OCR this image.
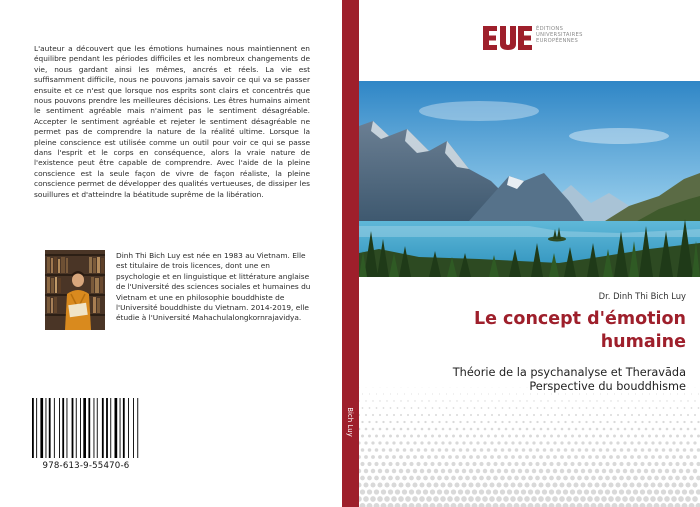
L'auteur a découvert que les émotions humaines nous maintiennent en équilibre pendant les périodes difficiles et les nombreux changements de vie, nous gardant ainsi les mêmes, ancrés et réels. La vie est suffisamment difficile, nous ne pouvons jamais savoir ce qui va se passer ensuite et ce n'est que lorsque nos esprits sont clairs et concentrés que nous pouvons prendre les meilleures décisions. Les êtres humains aiment le sentiment agréable mais n'aiment pas le sentiment désagréable. Accepter le sentiment agréable et rejeter le sentiment désagréable ne permet pas de comprendre la nature de la réalité ultime. Lorsque la pleine conscience est utilisée comme un outil pour voir ce qui se passe dans l'esprit et le corps en conséquence, alors la vraie nature de l'existence peut être capable de comprendre. Avec l'aide de la pleine conscience est la seule façon de vivre de façon réaliste, la pleine conscience permet de développer des qualités vertueuses, de dissiper les souillures et d'atteindre la béatitude suprême de la libération.

Dinh Thi Bich Luy est née en 1983 au Vietnam. Elle est titulaire de trois licences, dont une en psychologie et en linguistique et littérature anglaise de l'Université des sciences sociales et humaines du Vietnam et une en philosophie bouddhiste de l'Université bouddhiste du Vietnam. 2014-2019, elle étudie à l'Université Mahachulalongkornrajavidya.

978-613-9-55470-6
Bich Luy
ÉDITIONS
UNIVERSITAIRES
EUROPÉENNES
Dr. Dinh Thi Bich Luy
Le concept d'émotion
humaine
Théorie de la psychanalyse et Theravāda
Perspective du bouddhisme
